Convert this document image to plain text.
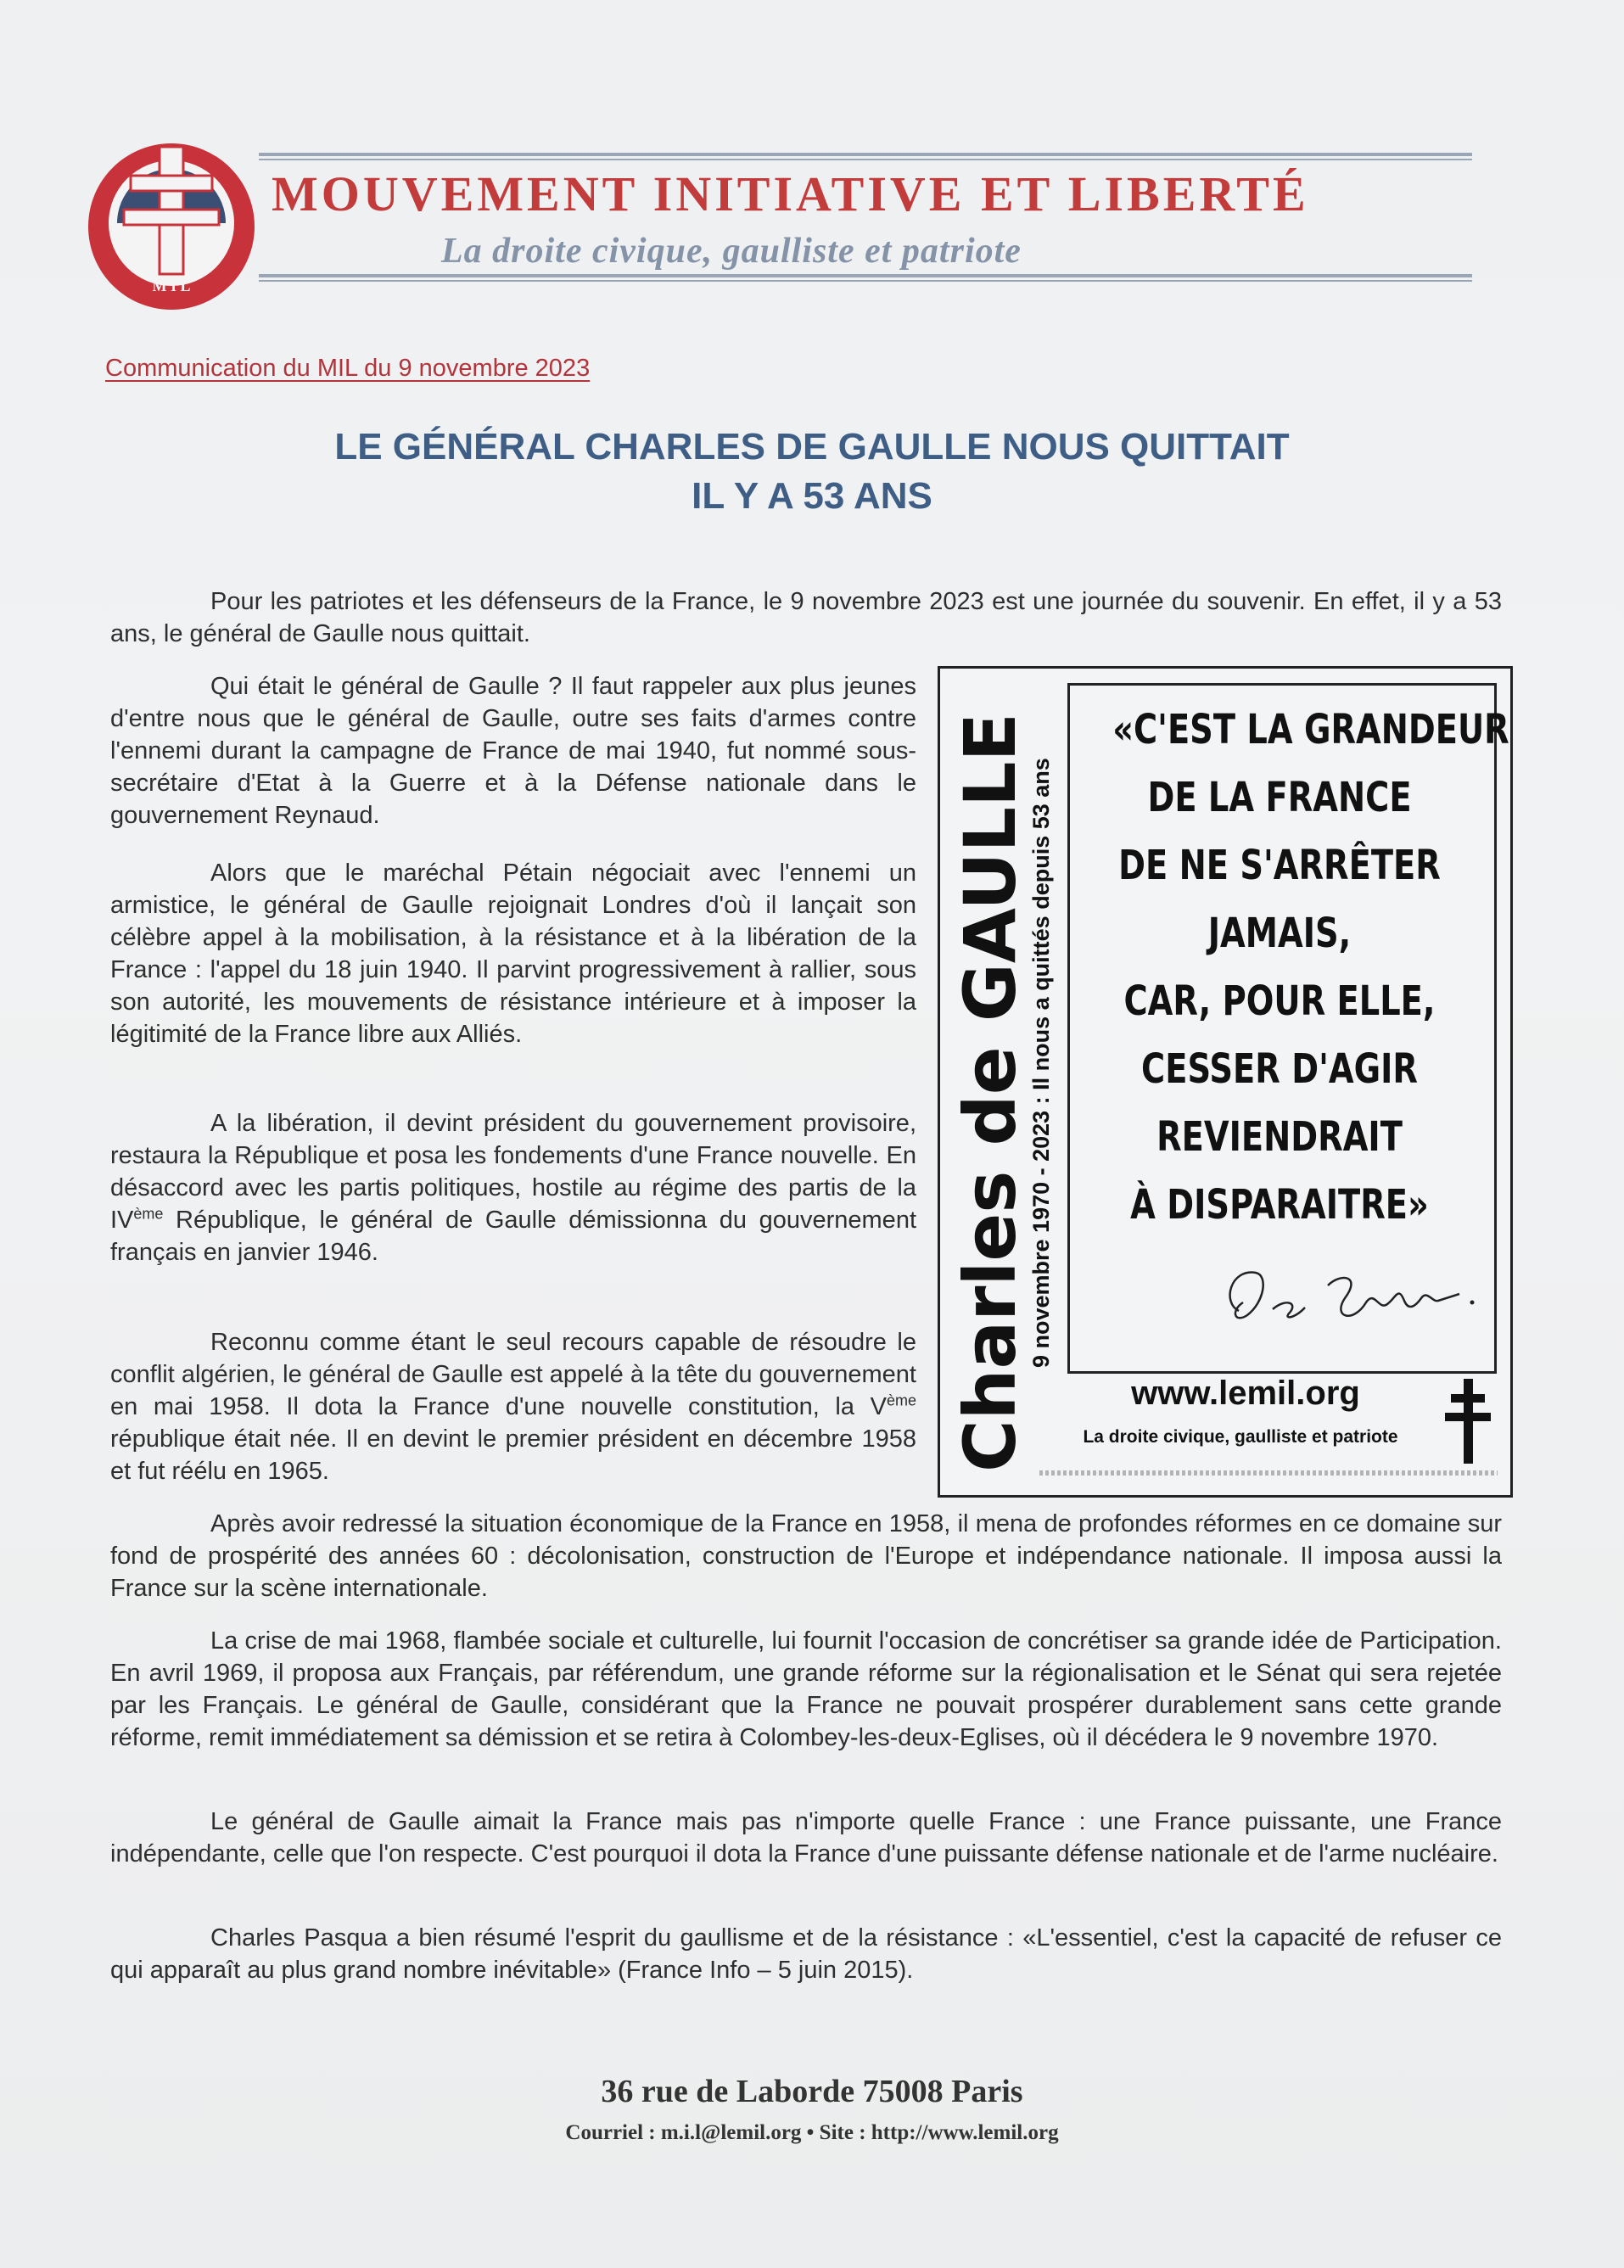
M I L
MOUVEMENT INITIATIVE ET LIBERTÉ
La droite civique, gaulliste et patriote
Communication du MIL du 9 novembre 2023
LE GÉNÉRAL CHARLES DE GAULLE NOUS QUITTAIT
IL Y A 53 ANS
Pour les patriotes et les défenseurs de la France, le 9 novembre 2023 est une journée du souvenir. En effet, il y a 53 ans, le général de Gaulle nous quittait.
Qui était le général de Gaulle ? Il faut rappeler aux plus jeunes d'entre nous que le général de Gaulle, outre ses faits d'armes contre l'ennemi durant la campagne de France de mai 1940, fut nommé sous-secrétaire d'Etat à la Guerre et à la Défense nationale dans le gouvernement Reynaud.
Alors que le maréchal Pétain négociait avec l'ennemi un armistice, le général de Gaulle rejoignait Londres d'où il lançait son célèbre appel à la mobilisation, à la résistance et à la libération de la France : l'appel du 18 juin 1940. Il parvint progressivement à rallier, sous son autorité, les mouvements de résistance intérieure et à imposer la légitimité de la France libre aux Alliés.
A la libération, il devint président du gouvernement provisoire, restaura la République et posa les fondements d'une France nouvelle. En désaccord avec les partis politiques, hostile au régime des partis de la IVème République, le général de Gaulle démissionna du gouvernement français en janvier 1946.
Reconnu comme étant le seul recours capable de résoudre le conflit algérien, le général de Gaulle est appelé à la tête du gouvernement en mai 1958. Il dota la France d'une nouvelle constitution, la Vème république était née. Il en devint le premier président en décembre 1958 et fut réélu en 1965.
Après avoir redressé la situation économique de la France en 1958, il mena de profondes réformes en ce domaine sur fond de prospérité des années 60 : décolonisation, construction de l'Europe et indépendance nationale. Il imposa aussi la France sur la scène internationale.
La crise de mai 1968, flambée sociale et culturelle, lui fournit l'occasion de concrétiser sa grande idée de Participation. En avril 1969, il proposa aux Français, par référendum, une grande réforme sur la régionalisation et le Sénat qui sera rejetée par les Français. Le général de Gaulle, considérant que la France ne pouvait prospérer durablement sans cette grande réforme, remit immédiatement sa démission et se retira à Colombey-les-deux-Eglises, où il décédera le 9 novembre 1970.
Le général de Gaulle aimait la France mais pas n'importe quelle France : une France puissante, une France indépendante, celle que l'on respecte. C'est pourquoi il dota la France d'une puissante défense nationale et de l'arme nucléaire.
Charles Pasqua a bien résumé l'esprit du gaullisme et de la résistance : «L'essentiel, c'est la capacité de refuser ce qui apparaît au plus grand nombre inévitable» (France Info – 5 juin 2015).
Charles de GAULLE
9 novembre 1970 - 2023 : Il nous a quittés depuis 53 ans
«C'EST LA GRANDEUR
DE LA FRANCE
DE NE S'ARRÊTER
JAMAIS,
CAR, POUR ELLE,
CESSER D'AGIR
REVIENDRAIT
À DISPARAITRE»
www.lemil.org
La droite civique, gaulliste et patriote
36 rue de Laborde 75008 Paris
Courriel : m.i.l@lemil.org • Site : http://www.lemil.org
